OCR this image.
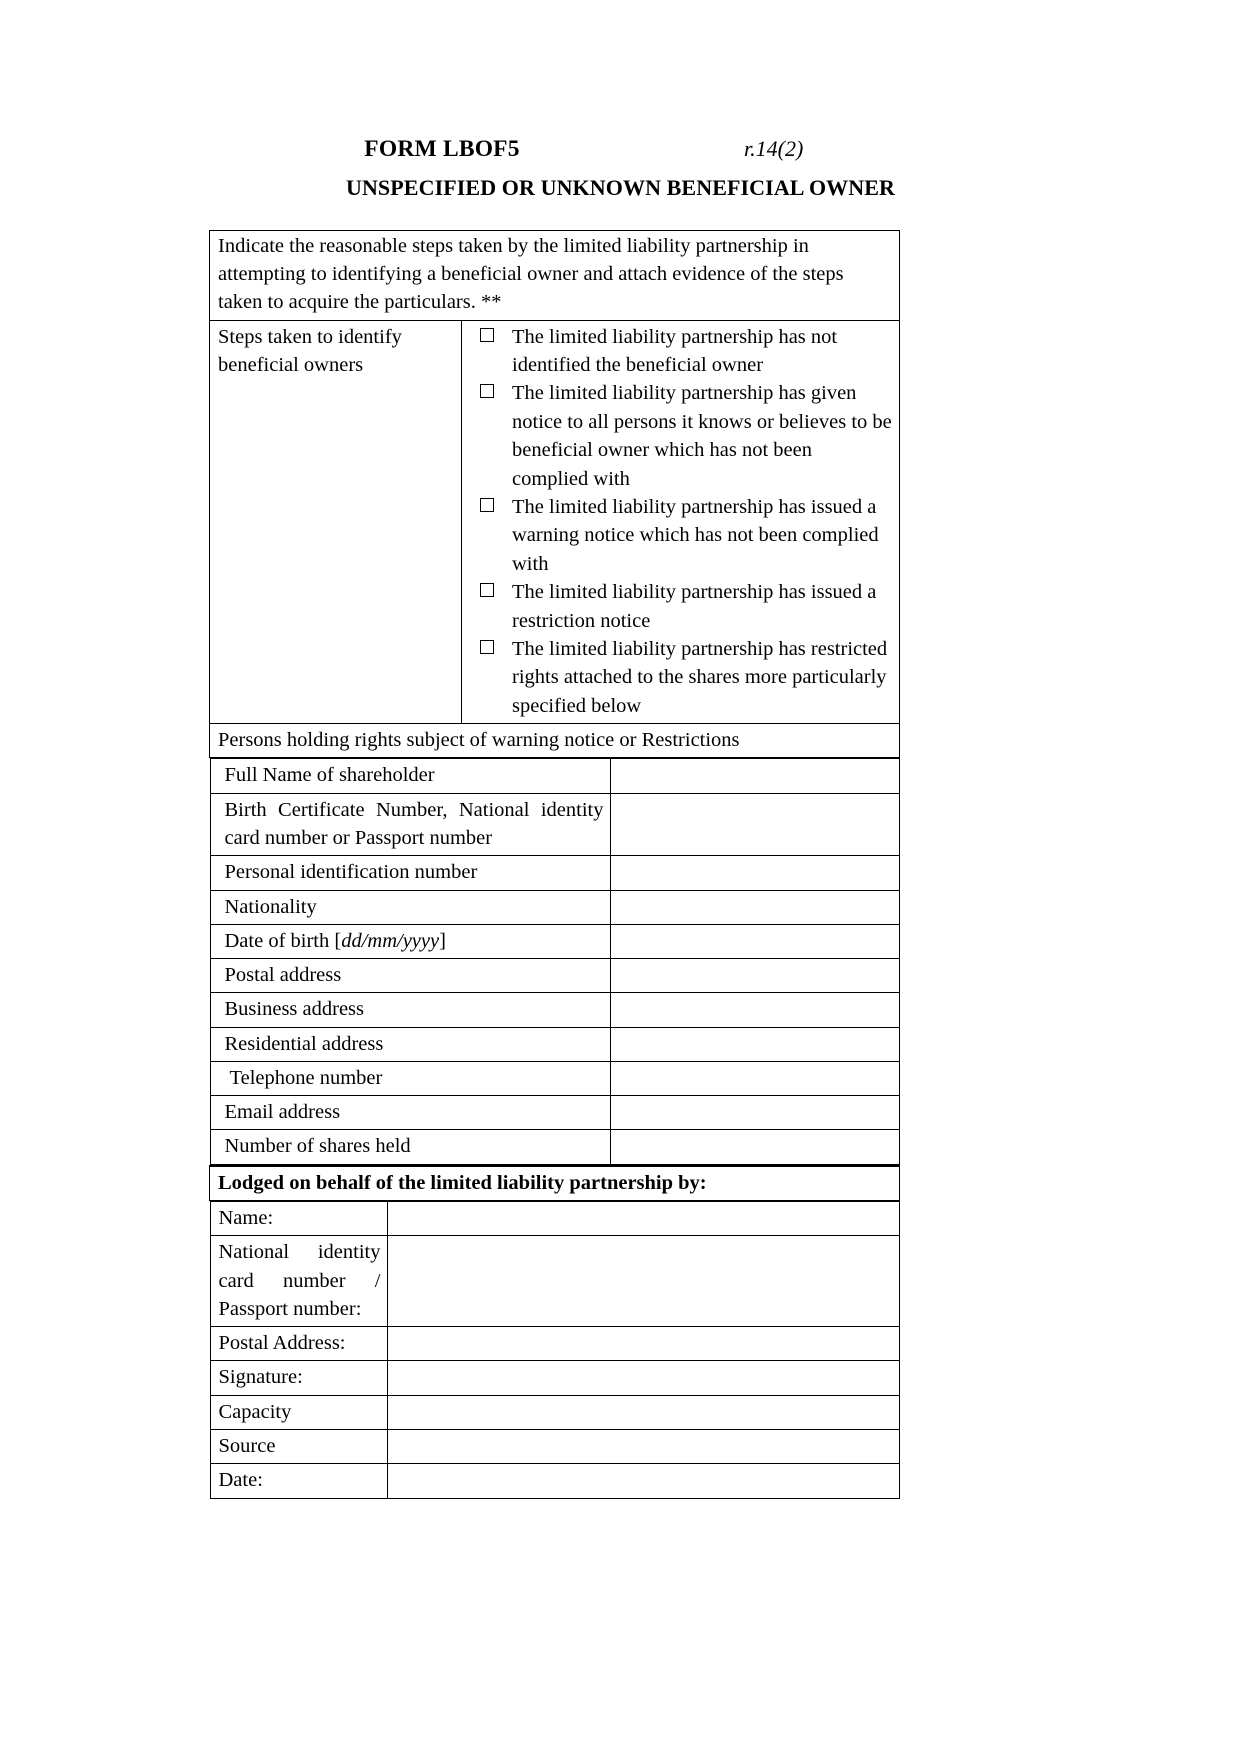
FORM LBOF5	r.14(2)
UNSPECIFIED OR UNKNOWN BENEFICIAL OWNER
Indicate the reasonable steps taken by the limited liability partnership in
attempting to identifying a beneficial owner and attach evidence of the steps
taken to acquire the particulars. **

Steps taken to identify
beneficial owners

The limited liability partnership has not identified the beneficial owner
The limited liability partnership has given notice to all persons it knows or believes to be beneficial owner which has not been complied with
The limited liability partnership has issued a warning notice which has not been complied with
The limited liability partnership has issued a restriction notice
The limited liability partnership has restricted rights attached to the shares more particularly specified below

Persons holding rights subject of warning notice or Restrictions

Full Name of shareholder	
Birth Certificate Number, National identity card number or Passport number	
Personal identification number	
Nationality	
Date of birth [dd/mm/yyyy]	
Postal address	
Business address	
Residential address	
Telephone number	
Email address	
Number of shares held	

Lodged on behalf of the limited liability partnership by:

Name:	
National identity card number / Passport number:	
Postal Address:	
Signature:	
Capacity	
Source	
Date:	
